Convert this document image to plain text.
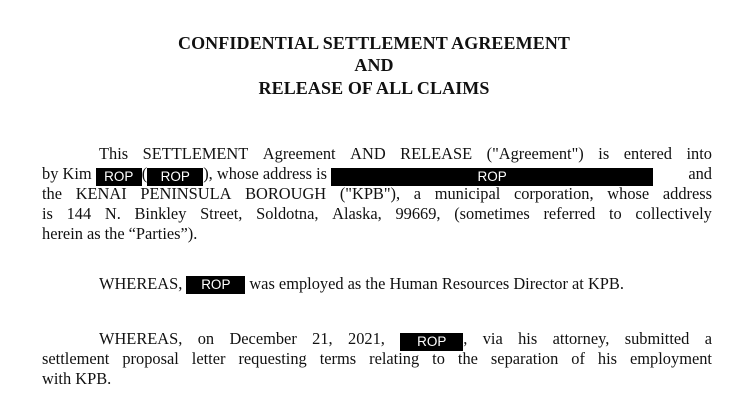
CONFIDENTIAL SETTLEMENT AGREEMENT
AND
RELEASE OF ALL CLAIMS
This SETTLEMENT Agreement AND RELEASE ("Agreement") is entered into
by Kim ROP ( ROP ), whose address is	ROP	and
the KENAI PENINSULA BOROUGH ("KPB"), a municipal corporation, whose address
is 144 N. Binkley Street, Soldotna, Alaska, 99669, (sometimes referred to collectively
herein as the “Parties”).
WHEREAS,	ROP	was employed as the Human Resources Director at KPB.
WHEREAS, on December 21, 2021,	ROP , via his attorney, submitted a
settlement proposal letter requesting terms relating to the separation of his employment
with KPB.
